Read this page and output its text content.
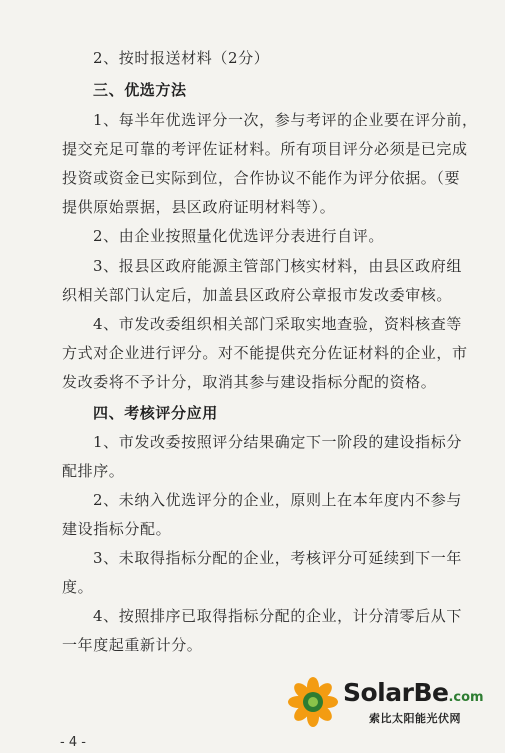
2、按时报送材料（2分）
三、优选方法
1、每半年优选评分一次，参与考评的企业要在评分前，
提交充足可靠的考评佐证材料。所有项目评分必须是已完成
投资或资金已实际到位，合作协议不能作为评分依据。（要
提供原始票据，县区政府证明材料等）。
2、由企业按照量化优选评分表进行自评。
3、报县区政府能源主管部门核实材料，由县区政府组
织相关部门认定后，加盖县区政府公章报市发改委审核。
4、市发改委组织相关部门采取实地查验，资料核查等
方式对企业进行评分。对不能提供充分佐证材料的企业，市
发改委将不予计分，取消其参与建设指标分配的资格。
四、考核评分应用
1、市发改委按照评分结果确定下一阶段的建设指标分
配排序。
2、未纳入优选评分的企业，原则上在本年度内不参与
建设指标分配。
3、未取得指标分配的企业，考核评分可延续到下一年
度。
4、按照排序已取得指标分配的企业，计分清零后从下
一年度起重新计分。
SolarBe.com
索比太阳能光伏网
- 4 -
